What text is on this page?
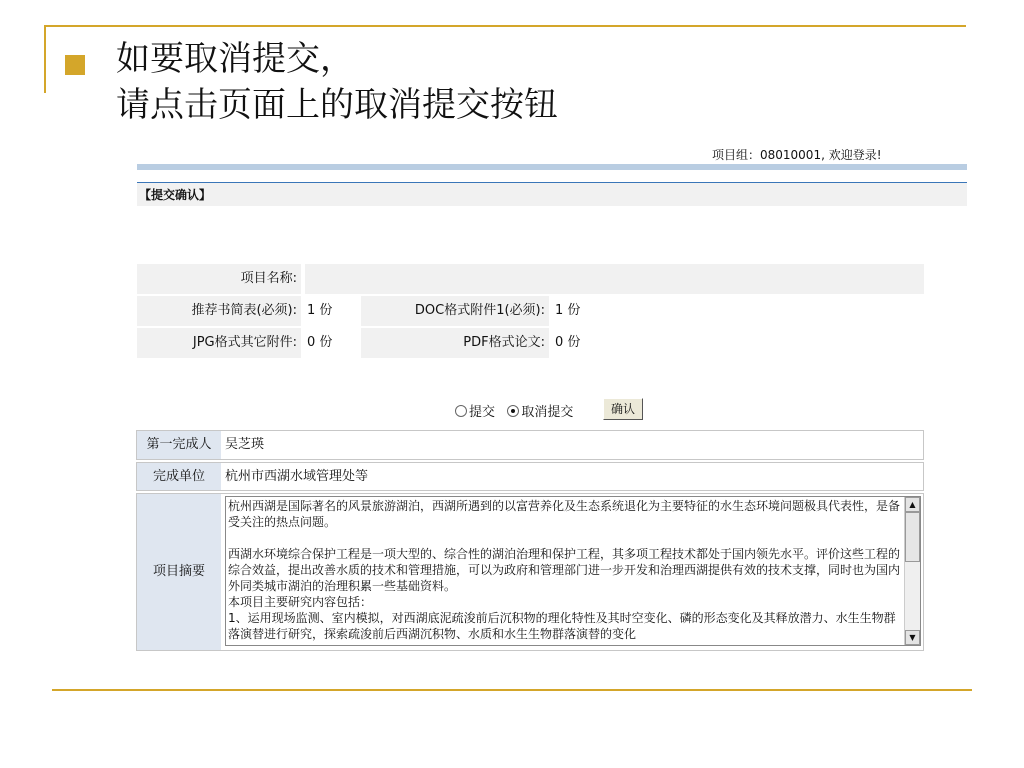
如要取消提交，
请点击页面上的取消提交按钮
项目组：08010001, 欢迎登录!
【提交确认】
项目名称:
推荐书简表(必须): 1 份	DOC格式附件1(必须): 1 份
JPG格式其它附件: 0 份	PDF格式论文: 0 份
提交 取消提交	确认
第一完成人	吴芝瑛
完成单位	杭州市西湖水域管理处等
项目摘要
杭州西湖是国际著名的风景旅游湖泊，西湖所遇到的以富营养化及生态系统退化为主要特征的水生态环境问题极具代表性，是备受关注的热点问题。

西湖水环境综合保护工程是一项大型的、综合性的湖泊治理和保护工程，其多项工程技术都处于国内领先水平。评价这些工程的综合效益，提出改善水质的技术和管理措施，可以为政府和管理部门进一步开发和治理西湖提供有效的技术支撑，同时也为国内外同类城市湖泊的治理积累一些基础资料。
本项目主要研究内容包括：
1、运用现场监测、室内模拟，对西湖底泥疏浚前后沉积物的理化特性及其时空变化、磷的形态变化及其释放潜力、水生生物群落演替进行研究，探索疏浚前后西湖沉积物、水质和水生生物群落演替的变化
▲
▼
